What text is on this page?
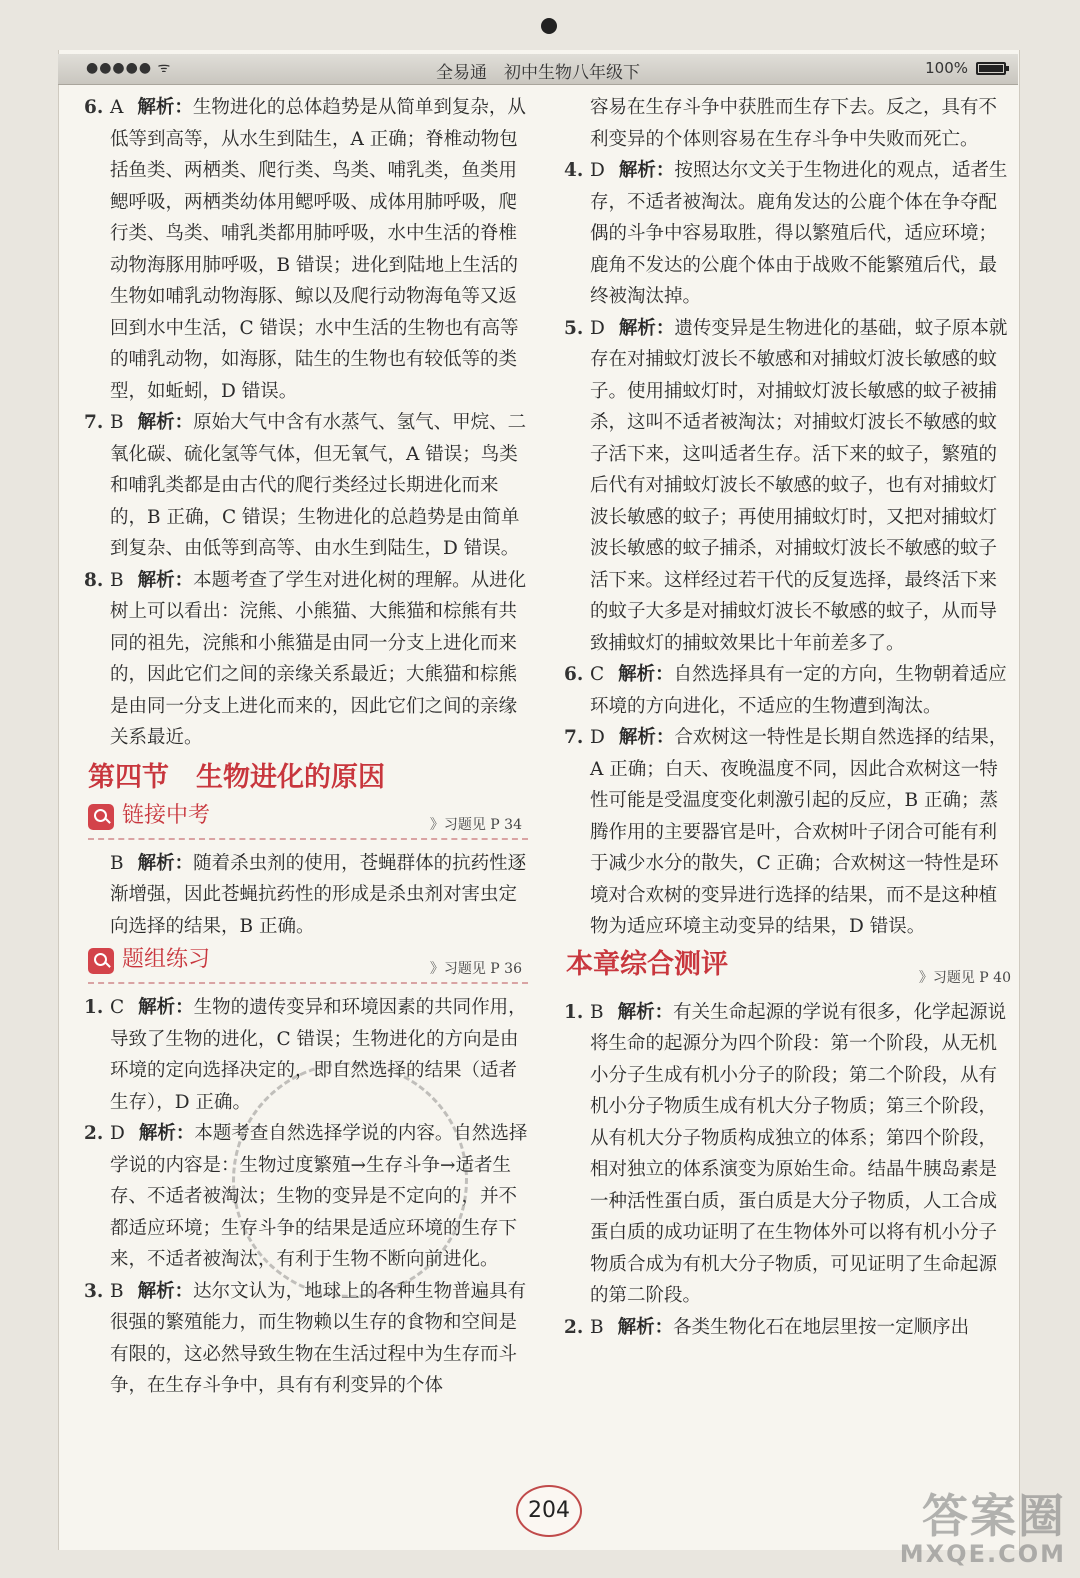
●●●●● ᯤ	全易通　初中生物八年级下	100%
6. A 解析：生物进化的总体趋势是从简单到复杂，从低等到高等，从水生到陆生，A 正确；脊椎动物包括鱼类、两栖类、爬行类、鸟类、哺乳类，鱼类用鳃呼吸，两栖类幼体用鳃呼吸、成体用肺呼吸，爬行类、鸟类、哺乳类都用肺呼吸，水中生活的脊椎动物海豚用肺呼吸，B 错误；进化到陆地上生活的生物如哺乳动物海豚、鲸以及爬行动物海龟等又返回到水中生活，C 错误；水中生活的生物也有高等的哺乳动物，如海豚，陆生的生物也有较低等的类型，如蚯蚓，D 错误。
7. B 解析：原始大气中含有水蒸气、氢气、甲烷、二氧化碳、硫化氢等气体，但无氧气，A 错误；鸟类和哺乳类都是由古代的爬行类经过长期进化而来的，B 正确，C 错误；生物进化的总趋势是由简单到复杂、由低等到高等、由水生到陆生，D 错误。
8. B 解析：本题考查了学生对进化树的理解。从进化树上可以看出：浣熊、小熊猫、大熊猫和棕熊有共同的祖先，浣熊和小熊猫是由同一分支上进化而来的，因此它们之间的亲缘关系最近；大熊猫和棕熊是由同一分支上进化而来的，因此它们之间的亲缘关系最近。
第四节　生物进化的原因
链接中考	》习题见 P 34
B 解析：随着杀虫剂的使用，苍蝇群体的抗药性逐渐增强，因此苍蝇抗药性的形成是杀虫剂对害虫定向选择的结果，B 正确。
题组练习	》习题见 P 36
1. C 解析：生物的遗传变异和环境因素的共同作用，导致了生物的进化，C 错误；生物进化的方向是由环境的定向选择决定的，即自然选择的结果（适者生存），D 正确。
2. D 解析：本题考查自然选择学说的内容。自然选择学说的内容是：生物过度繁殖→生存斗争→适者生存、不适者被淘汰；生物的变异是不定向的，并不都适应环境；生存斗争的结果是适应环境的生存下来，不适者被淘汰，有利于生物不断向前进化。
3. B 解析：达尔文认为，地球上的各种生物普遍具有很强的繁殖能力，而生物赖以生存的食物和空间是有限的，这必然导致生物在生活过程中为生存而斗争，在生存斗争中，具有有利变异的个体
容易在生存斗争中获胜而生存下去。反之，具有不利变异的个体则容易在生存斗争中失败而死亡。
4. D 解析：按照达尔文关于生物进化的观点，适者生存，不适者被淘汰。鹿角发达的公鹿个体在争夺配偶的斗争中容易取胜，得以繁殖后代，适应环境；鹿角不发达的公鹿个体由于战败不能繁殖后代，最终被淘汰掉。
5. D 解析：遗传变异是生物进化的基础，蚊子原本就存在对捕蚊灯波长不敏感和对捕蚊灯波长敏感的蚊子。使用捕蚊灯时，对捕蚊灯波长敏感的蚊子被捕杀，这叫不适者被淘汰；对捕蚊灯波长不敏感的蚊子活下来，这叫适者生存。活下来的蚊子，繁殖的后代有对捕蚊灯波长不敏感的蚊子，也有对捕蚊灯波长敏感的蚊子；再使用捕蚊灯时，又把对捕蚊灯波长敏感的蚊子捕杀，对捕蚊灯波长不敏感的蚊子活下来。这样经过若干代的反复选择，最终活下来的蚊子大多是对捕蚊灯波长不敏感的蚊子，从而导致捕蚊灯的捕蚊效果比十年前差多了。
6. C 解析：自然选择具有一定的方向，生物朝着适应环境的方向进化，不适应的生物遭到淘汰。
7. D 解析：合欢树这一特性是长期自然选择的结果，A 正确；白天、夜晚温度不同，因此合欢树这一特性可能是受温度变化刺激引起的反应，B 正确；蒸腾作用的主要器官是叶，合欢树叶子闭合可能有利于减少水分的散失，C 正确；合欢树这一特性是环境对合欢树的变异进行选择的结果，而不是这种植物为适应环境主动变异的结果，D 错误。
本章综合测评	》习题见 P 40
1. B 解析：有关生命起源的学说有很多，化学起源说将生命的起源分为四个阶段：第一个阶段，从无机小分子生成有机小分子的阶段；第二个阶段，从有机小分子物质生成有机大分子物质；第三个阶段，从有机大分子物质构成独立的体系；第四个阶段，相对独立的体系演变为原始生命。结晶牛胰岛素是一种活性蛋白质，蛋白质是大分子物质，人工合成蛋白质的成功证明了在生物体外可以将有机小分子物质合成为有机大分子物质，可见证明了生命起源的第二阶段。
2. B 解析：各类生物化石在地层里按一定顺序出
204	答案圈
MXQE.COM
